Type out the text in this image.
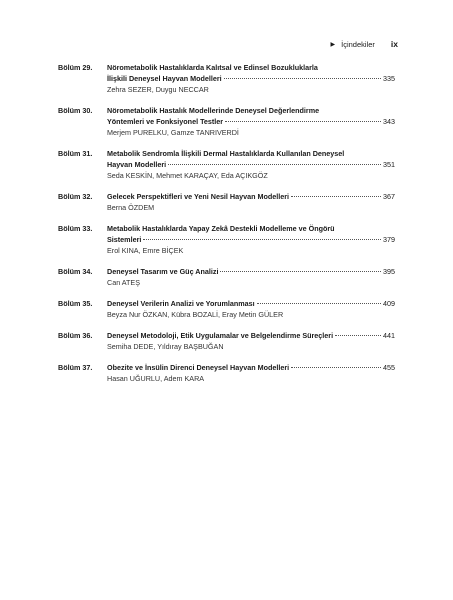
▶ İçindekiler ix
Bölüm 29.	Nörometabolik Hastalıklarda Kalıtsal ve Edinsel Bozukluklarla
İlişkili Deneysel Hayvan Modelleri	335
Zehra SEZER, Duygu NECCAR
Bölüm 30.	Nörometabolik Hastalık Modellerinde Deneysel Değerlendirme
Yöntemleri ve Fonksiyonel Testler	343
Merjem PURELKU, Gamze TANRIVERDİ
Bölüm 31.	Metabolik Sendromla İlişkili Dermal Hastalıklarda Kullanılan Deneysel
Hayvan Modelleri	351
Seda KESKİN, Mehmet KARAÇAY, Eda AÇIKGÖZ
Bölüm 32.	Gelecek Perspektifleri ve Yeni Nesil Hayvan Modelleri	367
Berna ÖZDEM
Bölüm 33.	Metabolik Hastalıklarda Yapay Zekâ Destekli Modelleme ve Öngörü
Sistemleri	379
Erol KINA, Emre BİÇEK
Bölüm 34.	Deneysel Tasarım ve Güç Analizi	395
Can ATEŞ
Bölüm 35.	Deneysel Verilerin Analizi ve Yorumlanması	409
Beyza Nur ÖZKAN, Kübra BOZALİ, Eray Metin GÜLER
Bölüm 36.	Deneysel Metodoloji, Etik Uygulamalar ve Belgelendirme Süreçleri	441
Semiha DEDE, Yıldıray BAŞBUĞAN
Bölüm 37.	Obezite ve İnsülin Direnci Deneysel Hayvan Modelleri	455
Hasan UĞURLU, Adem KARA
